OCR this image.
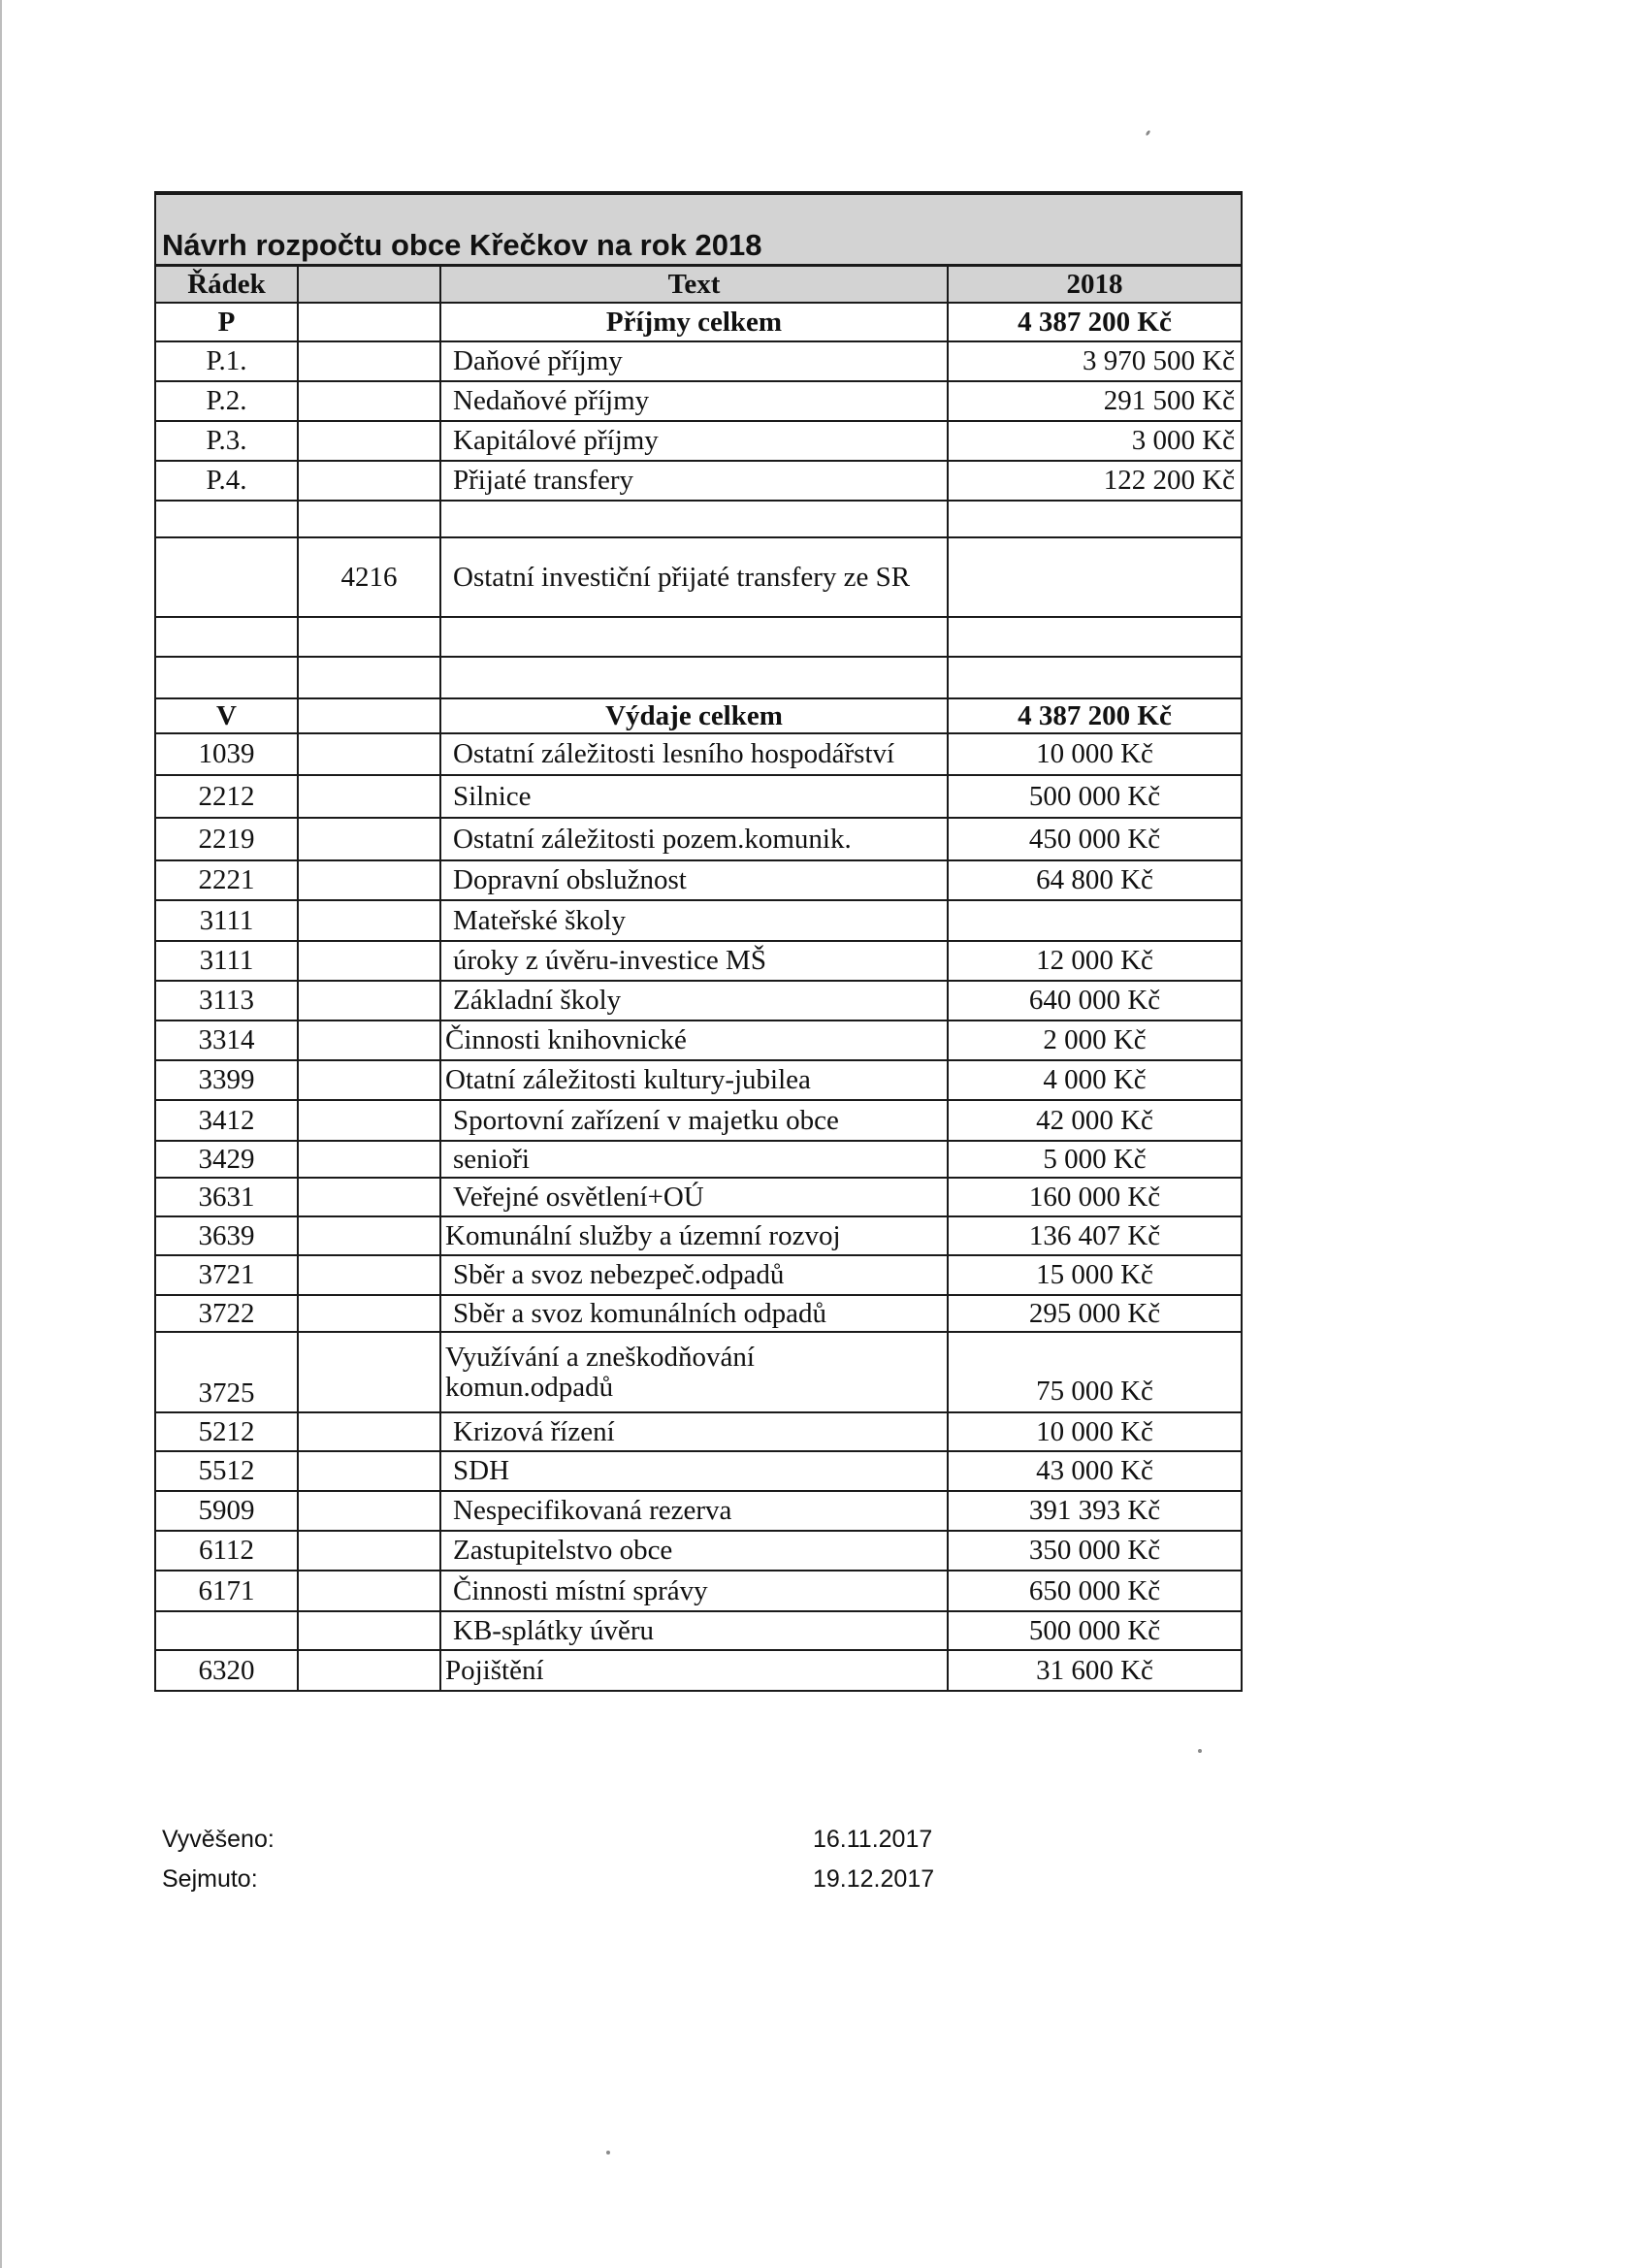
Návrh rozpočtu obce Křečkov na rok 2018			
Řádek		Text	2018
P		Příjmy celkem	4 387 200 Kč
P.1.		Daňové příjmy	3 970 500 Kč
P.2.		Nedaňové příjmy	291 500 Kč
P.3.		Kapitálové příjmy	3 000 Kč
P.4.		Přijaté transfery	122 200 Kč

	4216	Ostatní investiční přijaté transfery ze SR	

V		Výdaje celkem	4 387 200 Kč
1039		Ostatní záležitosti lesního hospodářství	10 000 Kč
2212		Silnice	500 000 Kč
2219		Ostatní záležitosti pozem.komunik.	450 000 Kč
2221		Dopravní obslužnost	64 800 Kč
3111		Mateřské školy	
3111		úroky z úvěru-investice MŠ	12 000 Kč
3113		Základní školy	640 000 Kč
3314		Činnosti knihovnické	2 000 Kč
3399		Otatní záležitosti kultury-jubilea	4 000 Kč
3412		Sportovní zařízení v majetku obce	42 000 Kč
3429		senioři	5 000 Kč
3631		Veřejné osvětlení+OÚ	160 000 Kč
3639		Komunální služby a územní rozvoj	136 407 Kč
3721		Sběr a svoz nebezpeč.odpadů	15 000 Kč
3722		Sběr a svoz komunálních odpadů	295 000 Kč
3725		Využívání a zneškodňování komun.odpadů	75 000 Kč
5212		Krizová řízení	10 000 Kč
5512		SDH	43 000 Kč
5909		Nespecifikovaná rezerva	391 393 Kč
6112		Zastupitelstvo obce	350 000 Kč
6171		Činnosti místní správy	650 000 Kč
		KB-splátky úvěru	500 000 Kč
6320		Pojištění	31 600 Kč
Vyvěšeno:	16.11.2017
Sejmuto:	19.12.2017
